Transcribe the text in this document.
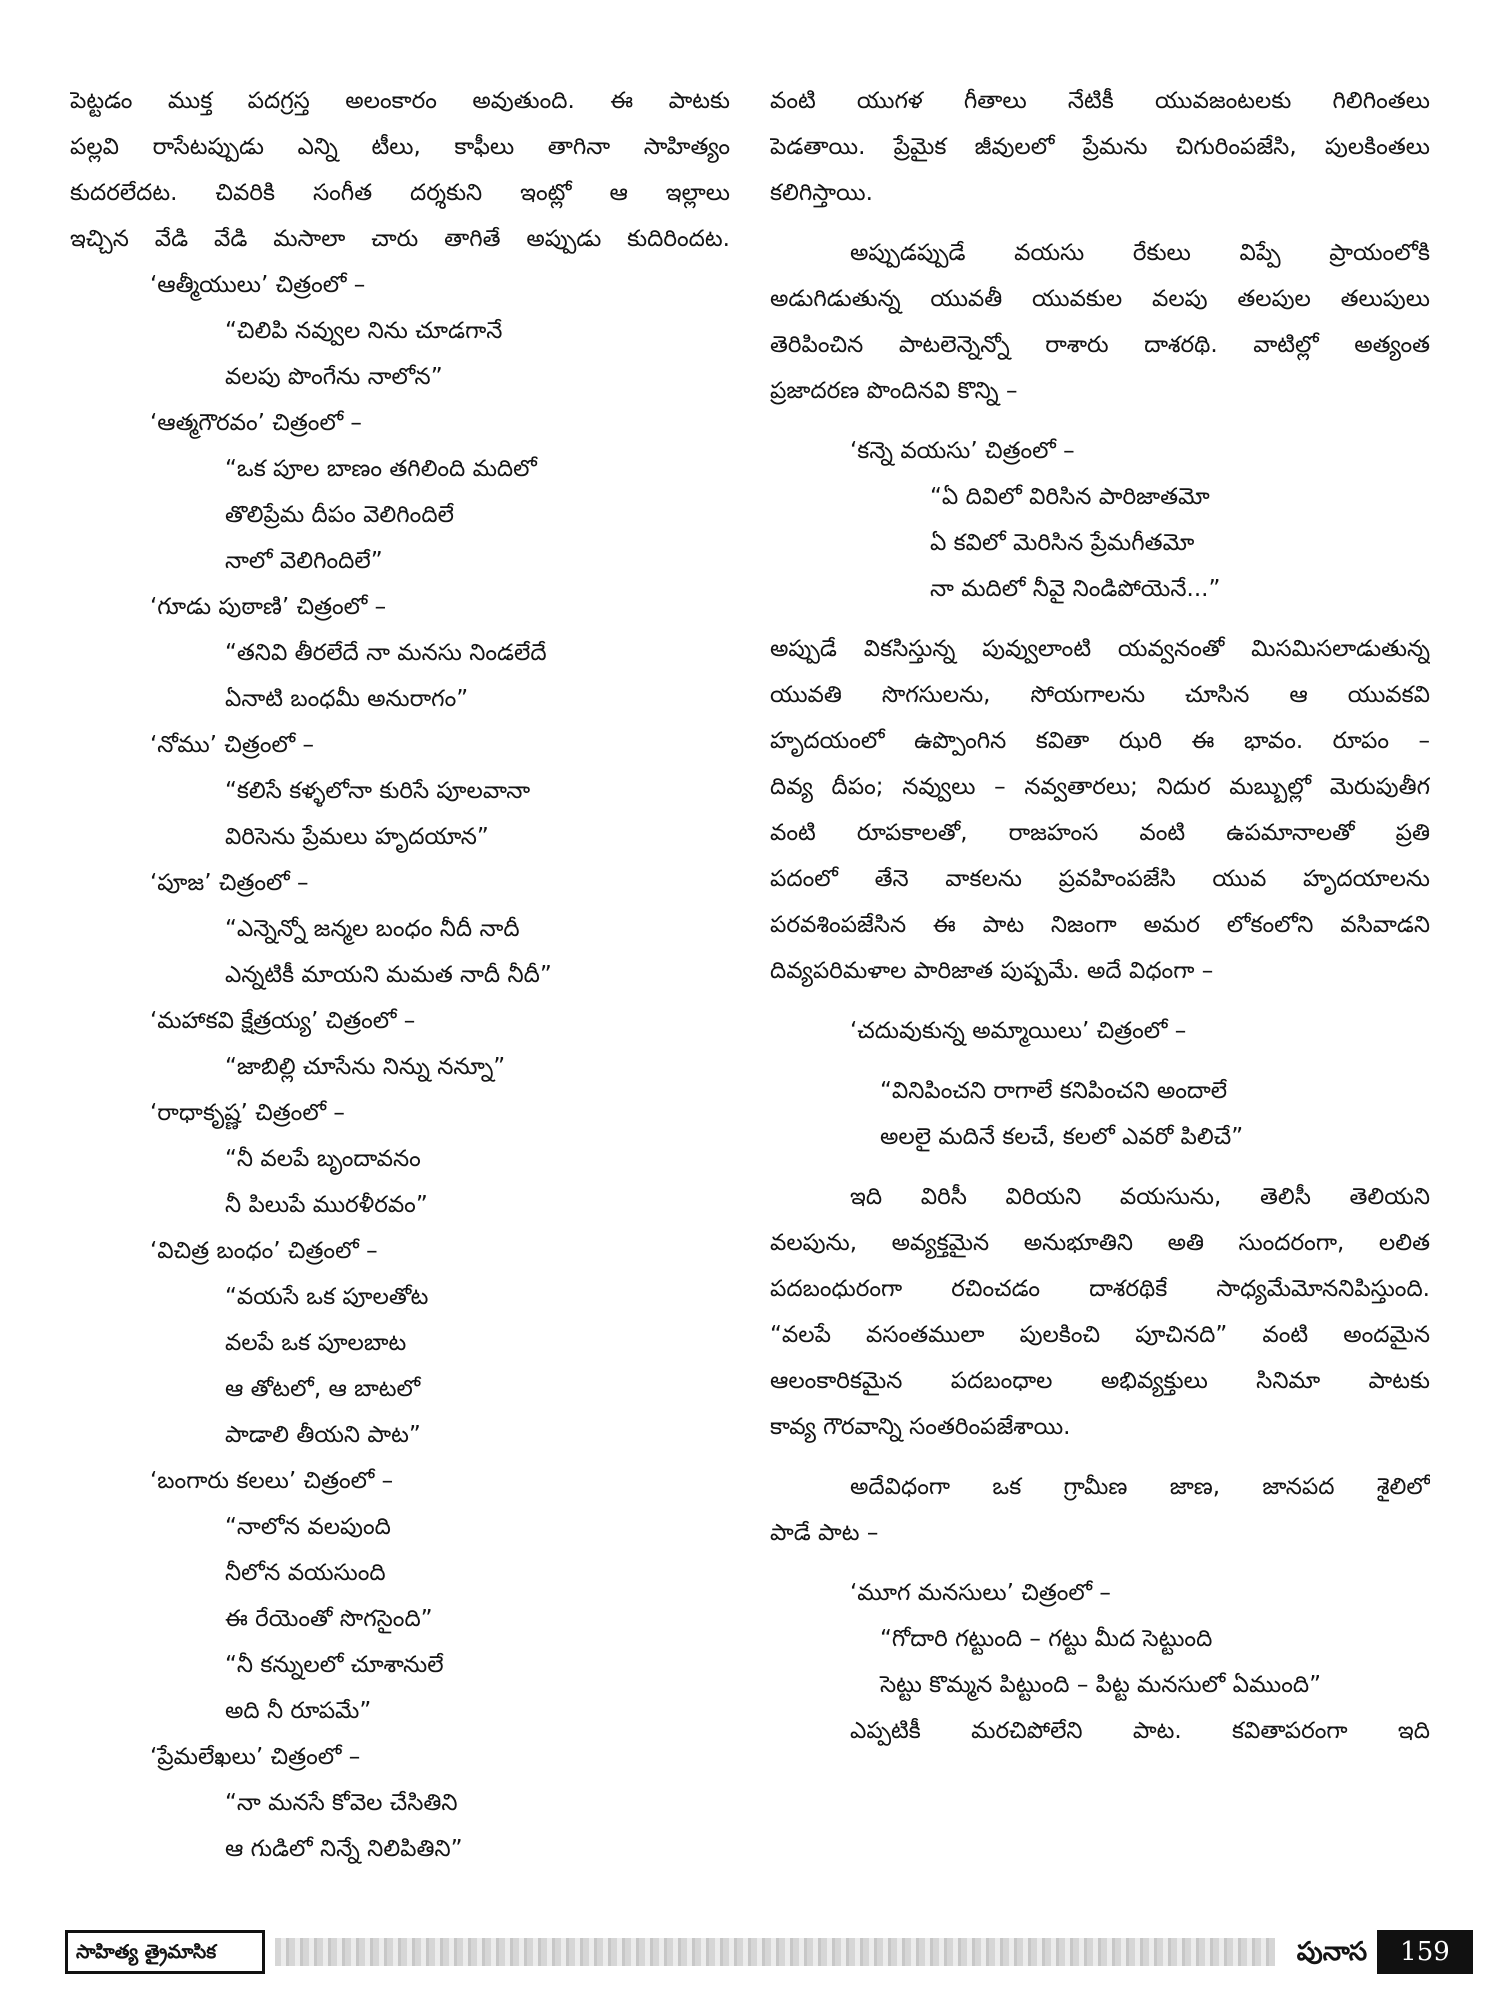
పెట్టడం ముక్త పదగ్రస్త అలంకారం అవుతుంది. ఈ పాటకు
పల్లవి రాసేటప్పుడు ఎన్ని టీలు, కాఫీలు తాగినా సాహిత్యం
కుదరలేదట. చివరికి సంగీత దర్శకుని ఇంట్లో ఆ ఇల్లాలు
ఇచ్చిన వేడి వేడి మసాలా చారు తాగితే అప్పుడు కుదిరిందట.
‘ఆత్మీయులు’ చిత్రంలో –
“చిలిపి నవ్వుల నిను చూడగానే
వలపు పొంగేను నాలోన”
‘ఆత్మగౌరవం’ చిత్రంలో –
“ఒక పూల బాణం తగిలింది మదిలో
తొలిప్రేమ దీపం వెలిగిందిలే
నాలో వెలిగిందిలే”
‘గూడు పుఠాణి’ చిత్రంలో –
“తనివి తీరలేదే నా మనసు నిండలేదే
ఏనాటి బంధమీ అనురాగం”
‘నోము’ చిత్రంలో –
“కలిసే కళ్ళలోనా కురిసే పూలవానా
విరిసెను ప్రేమలు హృదయాన”
‘పూజ’ చిత్రంలో –
“ఎన్నెన్నో జన్మల బంధం నీదీ నాదీ
ఎన్నటికీ మాయని మమత నాదీ నీదీ”
‘మహాకవి క్షేత్రయ్య’ చిత్రంలో –
“జాబిల్లి చూసేను నిన్ను నన్నూ”
‘రాధాకృష్ణ’ చిత్రంలో –
“నీ వలపే బృందావనం
నీ పిలుపే మురళీరవం”
‘విచిత్ర బంధం’ చిత్రంలో –
“వయసే ఒక పూలతోట
వలపే ఒక పూలబాట
ఆ తోటలో, ఆ బాటలో
పాడాలి తీయని పాట”
‘బంగారు కలలు’ చిత్రంలో –
“నాలోన వలపుంది
నీలోన వయసుంది
ఈ రేయెంతో సొగసైంది”
“నీ కన్నులలో చూశానులే
అది నీ రూపమే”
‘ప్రేమలేఖలు’ చిత్రంలో –
“నా మనసే కోవెల చేసితిని
ఆ గుడిలో నిన్నే నిలిపితిని”
వంటి యుగళ గీతాలు నేటికీ యువజంటలకు గిలిగింతలు
పెడతాయి. ప్రేమైక జీవులలో ప్రేమను చిగురింపజేసి, పులకింతలు
కలిగిస్తాయి.
అప్పుడప్పుడే వయసు రేకులు విప్పే ప్రాయంలోకి
అడుగిడుతున్న యువతీ యువకుల వలపు తలపుల తలుపులు
తెరిపించిన పాటలెన్నెన్నో రాశారు దాశరథి. వాటిల్లో అత్యంత
ప్రజాదరణ పొందినవి కొన్ని –
‘కన్నె వయసు’ చిత్రంలో –
“ఏ దివిలో విరిసిన పారిజాతమో
ఏ కవిలో మెరిసిన ప్రేమగీతమో
నా మదిలో నీవై నిండిపోయెనే...”
అప్పుడే వికసిస్తున్న పువ్వులాంటి యవ్వనంతో మిసమిసలాడుతున్న
యువతి సొగసులను, సోయగాలను చూసిన ఆ యువకవి
హృదయంలో ఉప్పొంగిన కవితా ఝరి ఈ భావం. రూపం –
దివ్య దీపం; నవ్వులు – నవ్వతారలు; నిదుర మబ్బుల్లో మెరుపుతీగ
వంటి రూపకాలతో, రాజహంస వంటి ఉపమానాలతో ప్రతి
పదంలో తేనె వాకలను ప్రవహింపజేసి యువ హృదయాలను
పరవశింపజేసిన ఈ పాట నిజంగా అమర లోకంలోని వసివాడని
దివ్యపరిమళాల పారిజాత పుష్పమే. అదే విధంగా –
‘చదువుకున్న అమ్మాయిలు’ చిత్రంలో –
“వినిపించని రాగాలే కనిపించని అందాలే
అలలై మదినే కలచే, కలలో ఎవరో పిలిచే”
ఇది విరిసీ విరియని వయసును, తెలిసీ తెలియని
వలపును, అవ్యక్తమైన అనుభూతిని అతి సుందరంగా, లలిత
పదబంధురంగా రచించడం దాశరథికే సాధ్యమేమోననిపిస్తుంది.
“వలపే వసంతములా పులకించి పూచినది” వంటి అందమైన
ఆలంకారికమైన పదబంధాల అభివ్యక్తులు సినిమా పాటకు
కావ్య గౌరవాన్ని సంతరింపజేశాయి.
అదేవిధంగా ఒక గ్రామీణ జాణ, జానపద శైలిలో
పాడే పాట –
‘మూగ మనసులు’ చిత్రంలో –
“గోదారి గట్టుంది – గట్టు మీద సెట్టుంది
సెట్టు కొమ్మన పిట్టుంది – పిట్ట మనసులో ఏముంది”
ఎప్పటికీ మరచిపోలేని పాట. కవితాపరంగా ఇది
సాహిత్య త్రైమాసిక	పునాస	159
